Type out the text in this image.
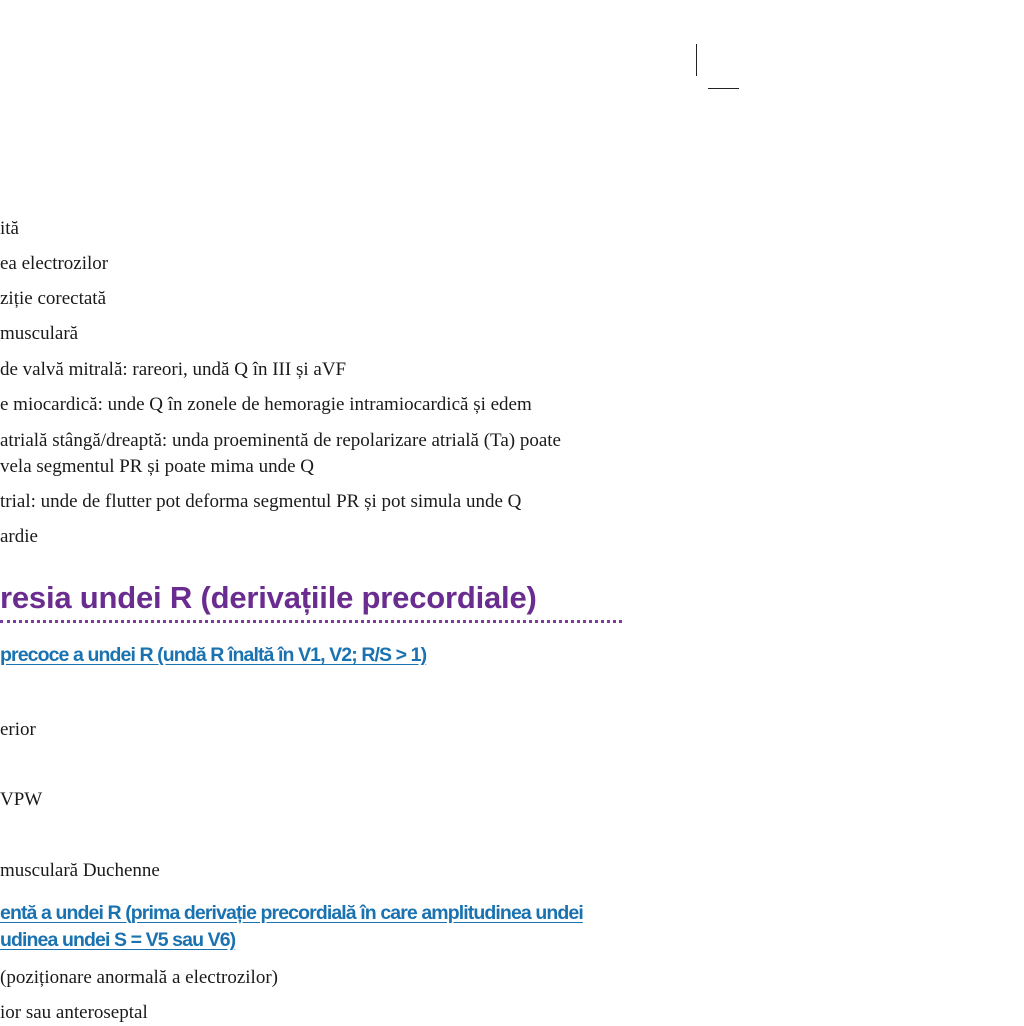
ită
ea electrozilor
ziție corectată
musculară
de valvă mitrală: rareori, undă Q în III și aVF
e miocardică: unde Q în zonele de hemoragie intramiocardică și edem
atrială stângă/dreaptă: unda proeminentă de repolarizare atrială (Ta) poate
vela segmentul PR și poate mima unde Q
trial: unde de flutter pot deforma segmentul PR și pot simula unde Q
ardie
resia undei R (derivațiile precordiale)
precoce a undei R (undă R înaltă în V1, V2; R/S > 1)
erior
VPW
musculară Duchenne
entă a undei R (prima derivație precordială în care amplitudinea undei
udinea undei S = V5 sau V6)
(poziționare anormală a electrozilor)
ior sau anteroseptal
